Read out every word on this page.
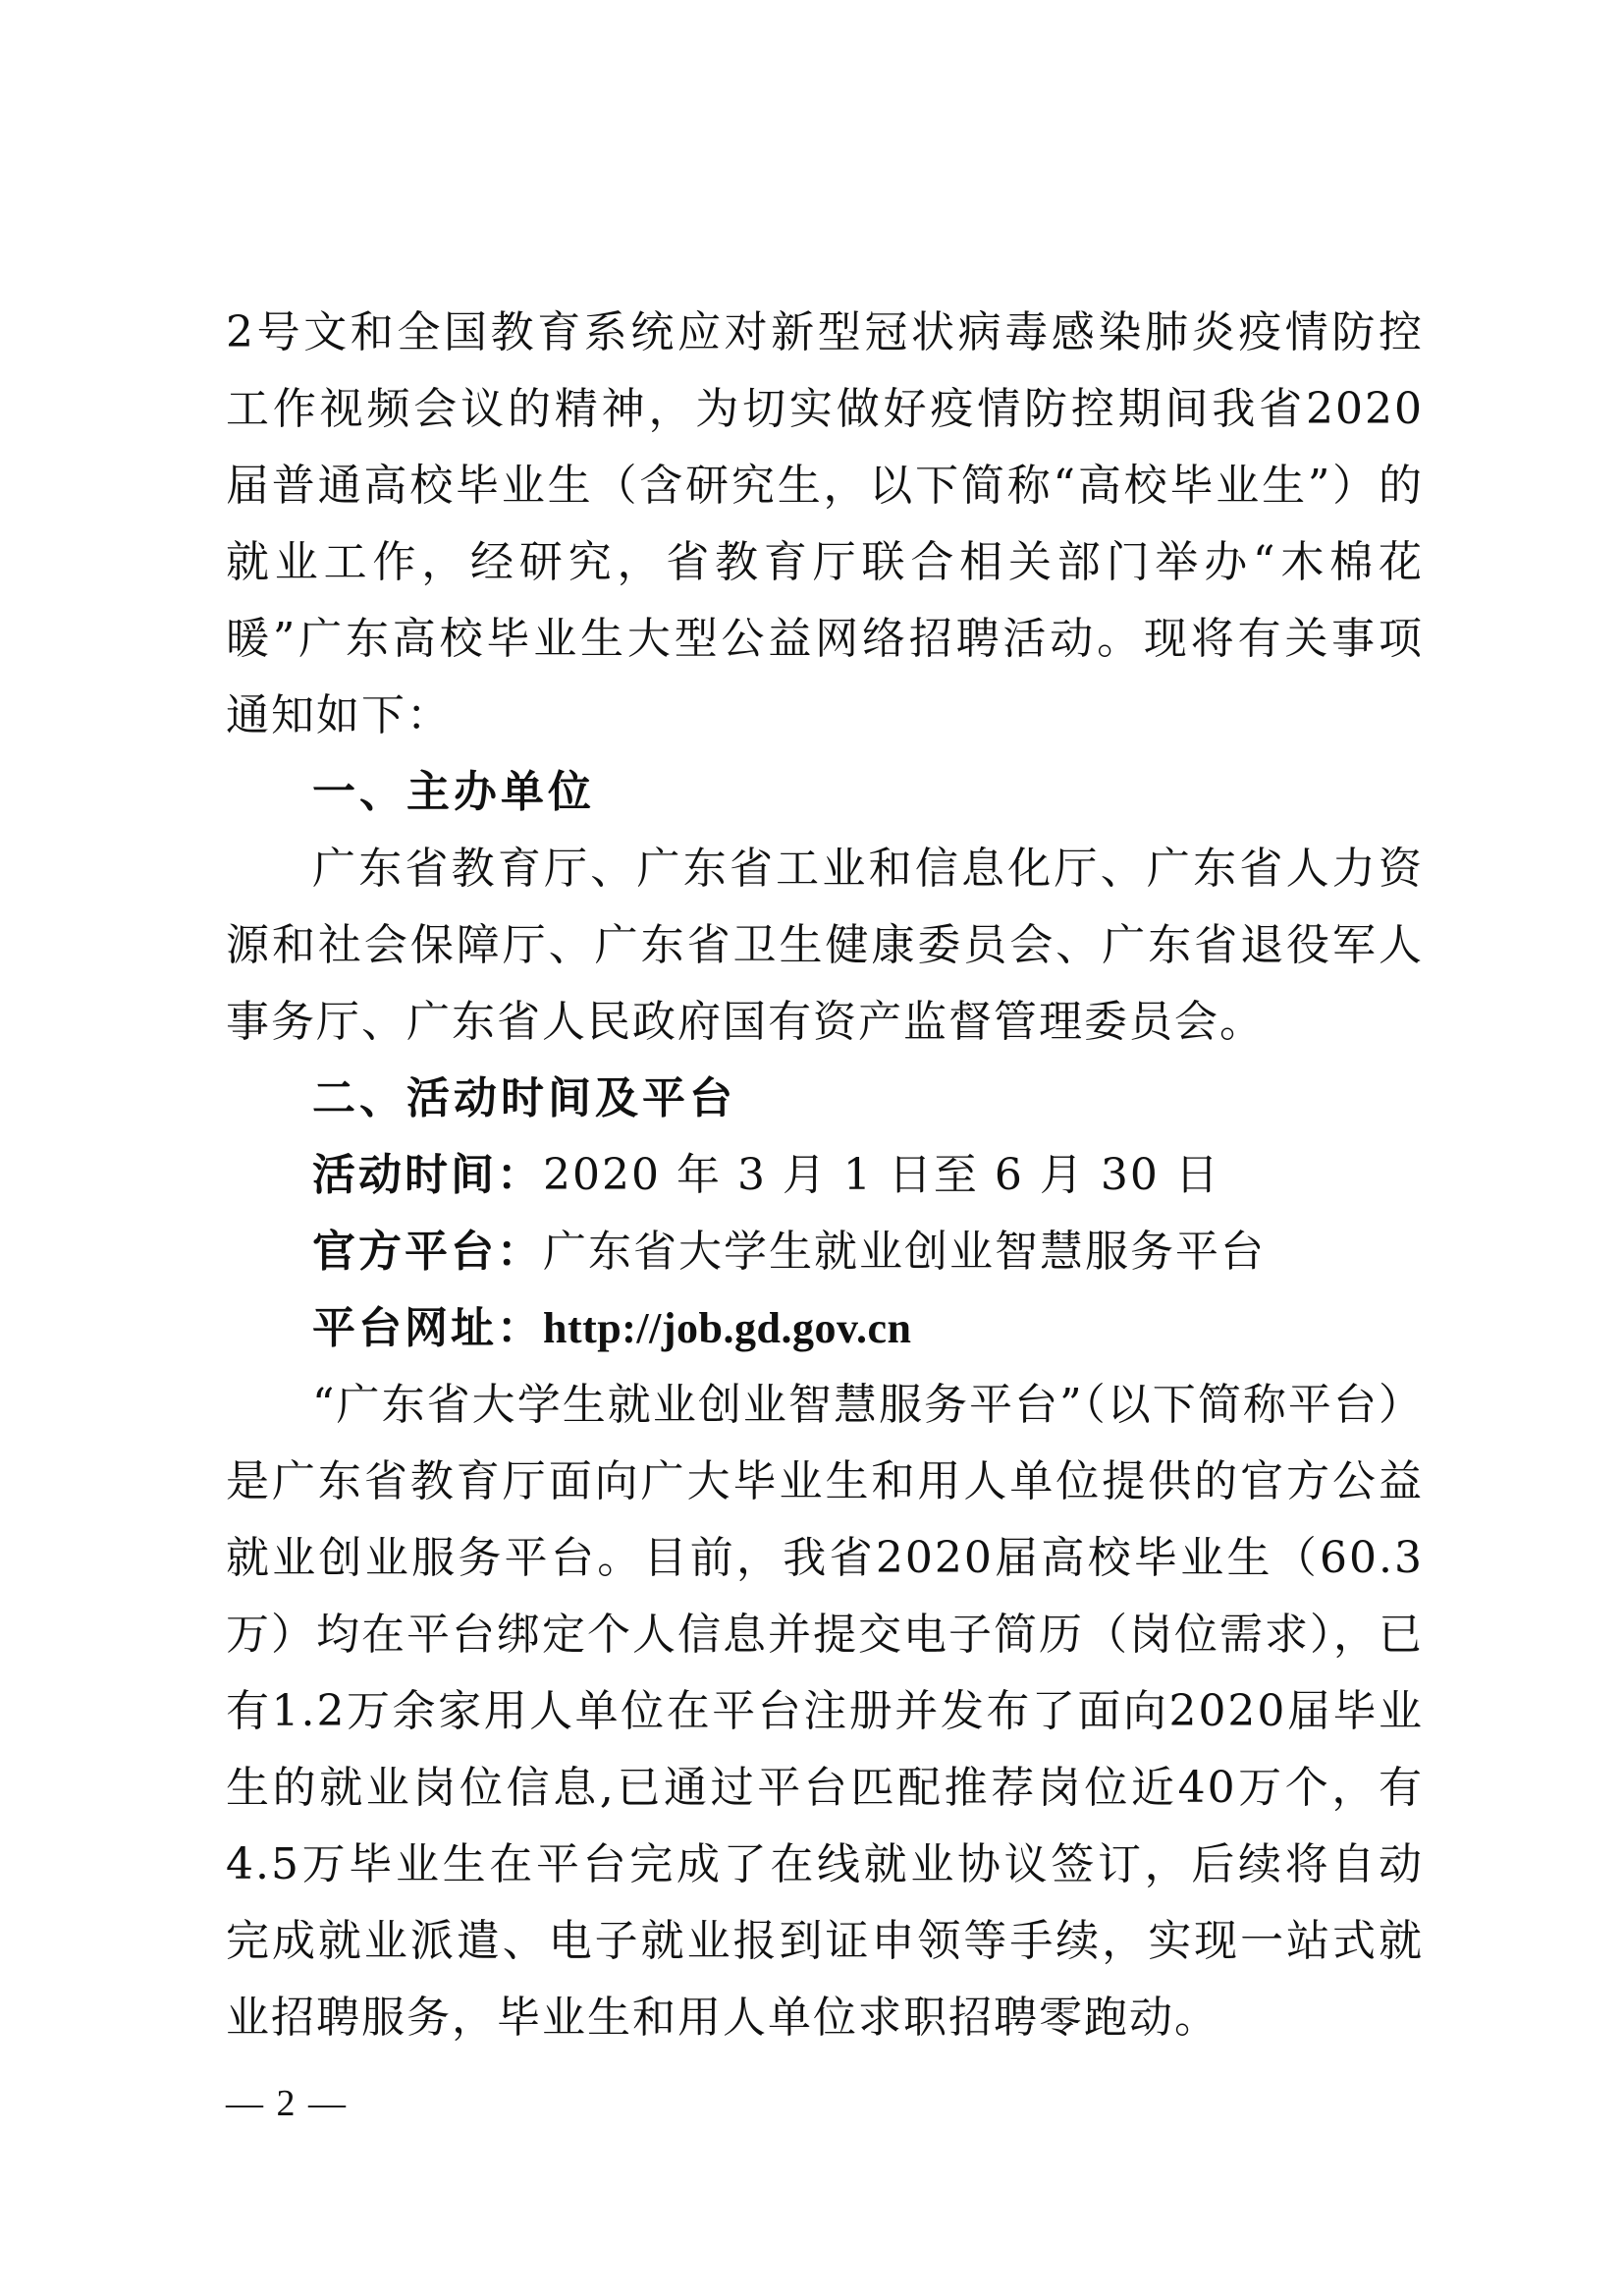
2号文和全国教育系统应对新型冠状病毒感染肺炎疫情防控工作视频会议的精神，为切实做好疫情防控期间我省2020届普通高校毕业生（含研究生，以下简称“高校毕业生”）的就业工作，经研究，省教育厅联合相关部门举办“木棉花暖”广东高校毕业生大型公益网络招聘活动。现将有关事项通知如下：

一、主办单位

广东省教育厅、广东省工业和信息化厅、广东省人力资源和社会保障厅、广东省卫生健康委员会、广东省退役军人事务厅、广东省人民政府国有资产监督管理委员会。

二、活动时间及平台

活动时间：2020 年 3 月 1 日至 6 月 30 日

官方平台：广东省大学生就业创业智慧服务平台

平台网址：http://job.gd.gov.cn

“广东省大学生就业创业智慧服务平台”（以下简称平台）是广东省教育厅面向广大毕业生和用人单位提供的官方公益就业创业服务平台。目前，我省2020届高校毕业生（60.3万）均在平台绑定个人信息并提交电子简历（岗位需求），已有1.2万余家用人单位在平台注册并发布了面向2020届毕业生的就业岗位信息,已通过平台匹配推荐岗位近40万个，有4.5万毕业生在平台完成了在线就业协议签订，后续将自动完成就业派遣、电子就业报到证申领等手续，实现一站式就业招聘服务，毕业生和用人单位求职招聘零跑动。

— 2 —
